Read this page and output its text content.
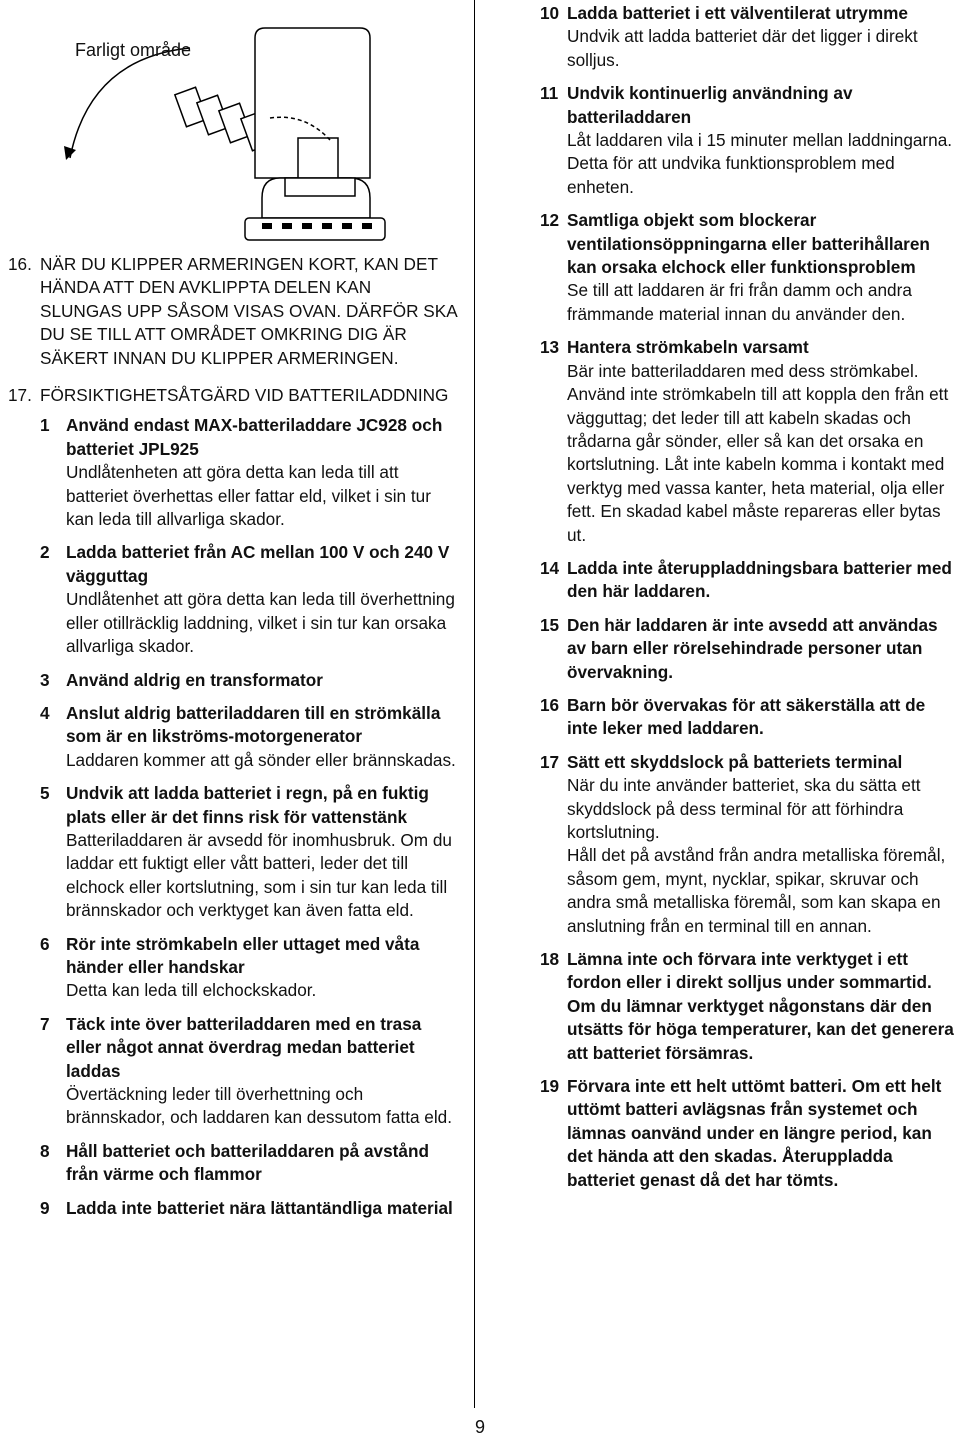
Farligt område
16. NÄR DU KLIPPER ARMERINGEN KORT, KAN DET HÄNDA ATT DEN AVKLIPPTA DELEN KAN SLUNGAS UPP SÅSOM VISAS OVAN. DÄRFÖR SKA DU SE TILL ATT OMRÅDET OMKRING DIG ÄR SÄKERT INNAN DU KLIPPER ARMERINGEN.
17. FÖRSIKTIGHETSÅTGÄRD VID BATTERILADDNING
1 Använd endast MAX-batteriladdare JC928 och batteriet JPL925
Undlåtenheten att göra detta kan leda till att batteriet överhettas eller fattar eld, vilket i sin tur kan leda till allvarliga skador.
2 Ladda batteriet från AC mellan 100 V och 240 V vägguttag
Undlåtenhet att göra detta kan leda till överhettning eller otillräcklig laddning, vilket i sin tur kan orsaka allvarliga skador.
3 Använd aldrig en transformator
4 Anslut aldrig batteriladdaren till en strömkälla som är en likströms-motorgenerator
Laddaren kommer att gå sönder eller brännskadas.
5 Undvik att ladda batteriet i regn, på en fuktig plats eller är det finns risk för vattenstänk
Batteriladdaren är avsedd för inomhusbruk. Om du laddar ett fuktigt eller vått batteri, leder det till elchock eller kortslutning, som i sin tur kan leda till brännskador och verktyget kan även fatta eld.
6 Rör inte strömkabeln eller uttaget med våta händer eller handskar
Detta kan leda till elchockskador.
7 Täck inte över batteriladdaren med en trasa eller något annat överdrag medan batteriet laddas
Övertäckning leder till överhettning och brännskador, och laddaren kan dessutom fatta eld.
8 Håll batteriet och batteriladdaren på avstånd från värme och flammor
9 Ladda inte batteriet nära lättantändliga material
10 Ladda batteriet i ett välventilerat utrymme
Undvik att ladda batteriet där det ligger i direkt solljus.
11 Undvik kontinuerlig användning av batteriladdaren
Låt laddaren vila i 15 minuter mellan laddningarna. Detta för att undvika funktionsproblem med enheten.
12 Samtliga objekt som blockerar ventilationsöppningarna eller batterihållaren kan orsaka elchock eller funktionsproblem
Se till att laddaren är fri från damm och andra främmande material innan du använder den.
13 Hantera strömkabeln varsamt
Bär inte batteriladdaren med dess strömkabel. Använd inte strömkabeln till att koppla den från ett vägguttag; det leder till att kabeln skadas och trådarna går sönder, eller så kan det orsaka en kortslutning. Låt inte kabeln komma i kontakt med verktyg med vassa kanter, heta material, olja eller fett. En skadad kabel måste repareras eller bytas ut.
14 Ladda inte återuppladdningsbara batterier med den här laddaren.
15 Den här laddaren är inte avsedd att användas av barn eller rörelsehindrade personer utan övervakning.
16 Barn bör övervakas för att säkerställa att de inte leker med laddaren.
17 Sätt ett skyddslock på batteriets terminal
När du inte använder batteriet, ska du sätta ett skyddslock på dess terminal för att förhindra kortslutning.
Håll det på avstånd från andra metalliska föremål, såsom gem, mynt, nycklar, spikar, skruvar och andra små metalliska föremål, som kan skapa en anslutning från en terminal till en annan.
18 Lämna inte och förvara inte verktyget i ett fordon eller i direkt solljus under sommartid. Om du lämnar verktyget någonstans där den utsätts för höga temperaturer, kan det generera att batteriet försämras.
19 Förvara inte ett helt uttömt batteri. Om ett helt uttömt batteri avlägsnas från systemet och lämnas oanvänd under en längre period, kan det hända att den skadas. Återuppladda batteriet genast då det har tömts.
9
